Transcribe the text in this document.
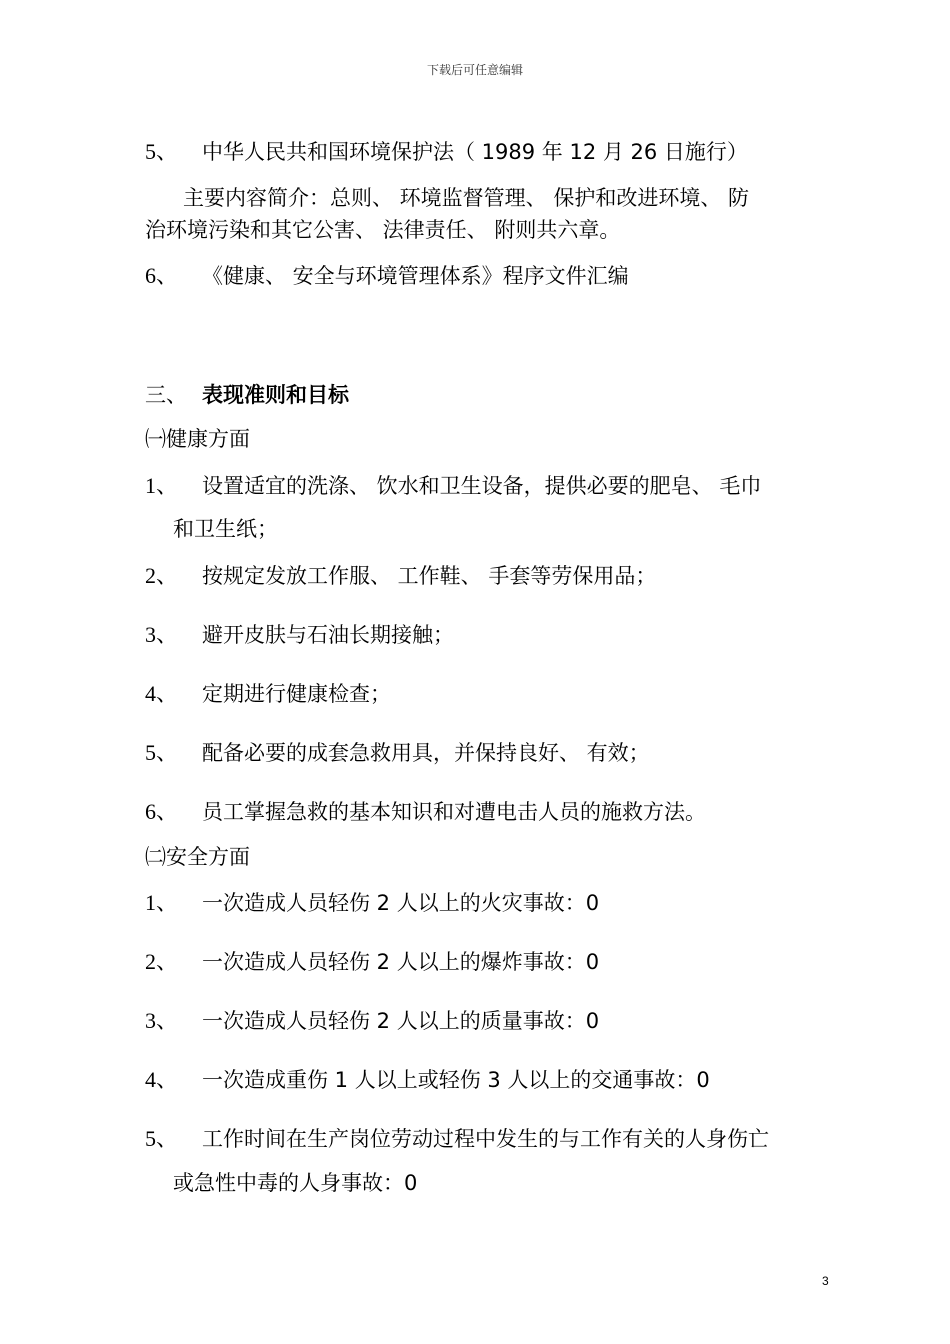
下载后可任意编辑
5、 中华人民共和国环境保护法（ 1989 年 12 月 26 日施行）
主要内容简介：总则、 环境监督管理、 保护和改进环境、 防
治环境污染和其它公害、 法律责任、 附则共六章。
6、 《健康、 安全与环境管理体系》程序文件汇编
三、 表现准则和目标
㈠健康方面
1、 设置适宜的洗涤、 饮水和卫生设备，提供必要的肥皂、 毛巾
和卫生纸；
2、 按规定发放工作服、 工作鞋、 手套等劳保用品；
3、 避开皮肤与石油长期接触；
4、 定期进行健康检查；
5、 配备必要的成套急救用具，并保持良好、 有效；
6、 员工掌握急救的基本知识和对遭电击人员的施救方法。
㈡安全方面
1、 一次造成人员轻伤 2 人以上的火灾事故：0
2、 一次造成人员轻伤 2 人以上的爆炸事故：0
3、 一次造成人员轻伤 2 人以上的质量事故：0
4、 一次造成重伤 1 人以上或轻伤 3 人以上的交通事故：0
5、 工作时间在生产岗位劳动过程中发生的与工作有关的人身伤亡
或急性中毒的人身事故：0
3
